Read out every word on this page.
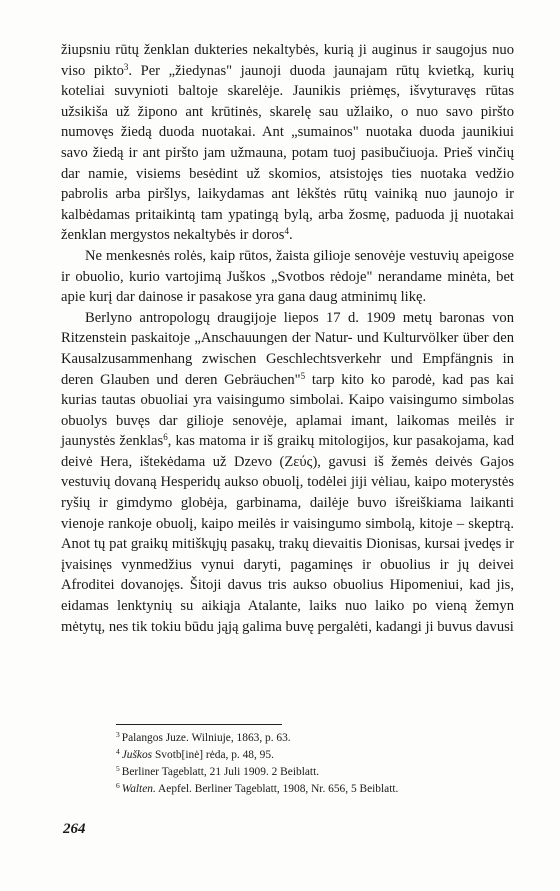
žiupsniu rūtų ženklan dukteries nekaltybės, kurią ji auginus ir saugojus nuo viso pikto$^3$. Per „žiedynas" jaunoji duoda jaunajam rūtų kvietką, kurių koteliai suvynioti baltoje skarelėje. Jaunikis priėmęs, išvyturavęs rūtas užsikiša už žipono ant krūtinės, skarelę sau užlaiko, o nuo savo piršto numovęs žiedą duoda nuotakai. Ant „sumainos" nuotaka duoda jaunikiui savo žiedą ir ant piršto jam užmauna, potam tuoj pasibučiuoja. Prieš vinčių dar namie, visiems besėdint už skomios, atsistojęs ties nuotaka vedžio pabrolis arba piršlys, laikydamas ant lėkštės rūtų vainiką nuo jaunojo ir kalbėdamas pritaikintą tam ypatingą bylą, arba žosmę, paduoda jį nuotakai ženklan mergystos nekaltybės ir doros$^4$.

Ne menkesnės rolės, kaip rūtos, žaista gilioje senovėje vestuvių apeigose ir obuolio, kurio vartojimą Juškos „Svotbos rėdoje" nerandame minėta, bet apie kurį dar dainose ir pasakose yra gana daug atminimų likę.

Berlyno antropologų draugijoje liepos 17 d. 1909 metų baronas von Ritzenstein paskaitoje „Anschauungen der Natur- und Kulturvölker über den Kausalzusammenhang zwischen Geschlechtsverkehr und Empfängnis in deren Glauben und deren Gebräuchen"$^5$ tarp kito ko parodė, kad pas kai kurias tautas obuoliai yra vaisingumo simbolai. Kaipo vaisingumo simbolas obuolys buvęs dar gilioje senovėje, aplamai imant, laikomas meilės ir jaunystės ženklas$^6$, kas matoma ir iš graikų mitologijos, kur pasakojama, kad deivė Hera, ištekėdama už Dzevo (Ζεύς), gavusi iš žemės deivės Gajos vestuvių dovaną Hesperidų aukso obuolį, todėlei jiji vėliau, kaipo moterystės ryšių ir gimdymo globėja, garbinama, dailėje buvo išreiškiama laikanti vienoje rankoje obuolį, kaipo meilės ir vaisingumo simbolą, kitoje – skeptrą. Anot tų pat graikų mitiškųjų pasakų, trakų dievaitis Dionisas, kursai įvedęs ir įvaisinęs vynmedžius vynui daryti, pagaminęs ir obuolius ir jų deivei Afroditei dovanojęs. Šitoji davus tris aukso obuolius Hipomeniui, kad jis, eidamas lenktynių su aikiąja Atalante, laiks nuo laiko po vieną žemyn mėtytų, nes tik tokiu būdu jąją galima buvę pergalėti, kadangi ji buvus davusi

$^3$ Palangos Juze. Wilniuje, 1863, p. 63.
$^4$ Juškos Svotb[inė] rėda, p. 48, 95.
$^5$ Berliner Tageblatt, 21 Juli 1909. 2 Beiblatt.
$^6$ Walten. Aepfel. Berliner Tageblatt, 1908, Nr. 656, 5 Beiblatt.
264
